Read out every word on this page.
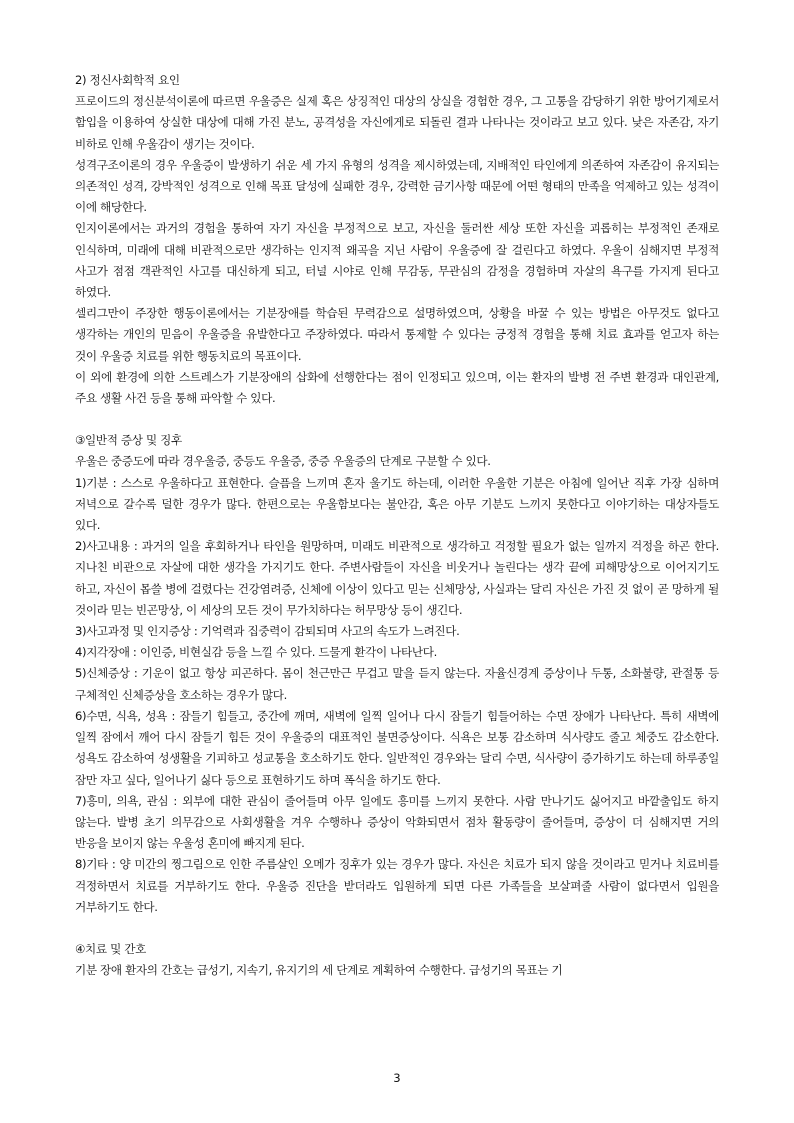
2) 정신사회학적 요인

프로이드의 정신분석이론에 따르면 우울증은 실제 혹은 상징적인 대상의 상실을 경험한 경우, 그 고통을 감당하기 위한 방어기제로서 함입을 이용하여 상실한 대상에 대해 가진 분노, 공격성을 자신에게로 되돌린 결과 나타나는 것이라고 보고 있다. 낮은 자존감, 자기 비하로 인해 우울감이 생기는 것이다.

성격구조이론의 경우 우울증이 발생하기 쉬운 세 가지 유형의 성격을 제시하였는데, 지배적인 타인에게 의존하여 자존감이 유지되는 의존적인 성격, 강박적인 성격으로 인해 목표 달성에 실패한 경우, 강력한 금기사항 때문에 어떤 형태의 만족을 억제하고 있는 성격이 이에 해당한다.

인지이론에서는 과거의 경험을 통하여 자기 자신을 부정적으로 보고, 자신을 둘러싼 세상 또한 자신을 괴롭히는 부정적인 존재로 인식하며, 미래에 대해 비관적으로만 생각하는 인지적 왜곡을 지닌 사람이 우울증에 잘 걸린다고 하였다. 우울이 심해지면 부정적 사고가 점점 객관적인 사고를 대신하게 되고, 터널 시야로 인해 무감동, 무관심의 감정을 경험하며 자살의 욕구를 가지게 된다고 하였다.

셀리그만이 주장한 행동이론에서는 기분장애를 학습된 무력감으로 설명하였으며, 상황을 바꿀 수 있는 방법은 아무것도 없다고 생각하는 개인의 믿음이 우울증을 유발한다고 주장하였다. 따라서 통제할 수 있다는 긍정적 경험을 통해 치료 효과를 얻고자 하는 것이 우울증 치료를 위한 행동치료의 목표이다.

이 외에 환경에 의한 스트레스가 기분장애의 삽화에 선행한다는 점이 인정되고 있으며, 이는 환자의 발병 전 주변 환경과 대인관계, 주요 생활 사건 등을 통해 파악할 수 있다.

③일반적 증상 및 징후

우울은 중증도에 따라 경우울증, 중등도 우울증, 중증 우울증의 단계로 구분할 수 있다.

1)기분 : 스스로 우울하다고 표현한다. 슬픔을 느끼며 혼자 울기도 하는데, 이러한 우울한 기분은 아침에 일어난 직후 가장 심하며 저녁으로 갈수록 덜한 경우가 많다. 한편으로는 우울함보다는 불안감, 혹은 아무 기분도 느끼지 못한다고 이야기하는 대상자들도 있다.

2)사고내용 : 과거의 일을 후회하거나 타인을 원망하며, 미래도 비관적으로 생각하고 걱정할 필요가 없는 일까지 걱정을 하곤 한다. 지나친 비관으로 자살에 대한 생각을 가지기도 한다. 주변사람들이 자신을 비웃거나 놀린다는 생각 끝에 피해망상으로 이어지기도 하고, 자신이 몹쓸 병에 걸렸다는 건강염려증, 신체에 이상이 있다고 믿는 신체망상, 사실과는 달리 자신은 가진 것 없이 곧 망하게 될 것이라 믿는 빈곤망상, 이 세상의 모든 것이 무가치하다는 허무망상 등이 생긴다.

3)사고과정 및 인지증상 : 기억력과 집중력이 감퇴되며 사고의 속도가 느려진다.

4)지각장애 : 이인증, 비현실감 등을 느낄 수 있다. 드물게 환각이 나타난다.

5)신체증상 : 기운이 없고 항상 피곤하다. 몸이 천근만근 무겁고 말을 듣지 않는다. 자율신경계 증상이나 두통, 소화불량, 관절통 등 구체적인 신체증상을 호소하는 경우가 많다.

6)수면, 식욕, 성욕 : 잠들기 힘들고, 중간에 깨며, 새벽에 일찍 일어나 다시 잠들기 힘들어하는 수면 장애가 나타난다. 특히 새벽에 일찍 잠에서 깨어 다시 잠들기 힘든 것이 우울증의 대표적인 불면증상이다. 식욕은 보통 감소하며 식사량도 줄고 체중도 감소한다. 성욕도 감소하여 성생활을 기피하고 성교통을 호소하기도 한다. 일반적인 경우와는 달리 수면, 식사량이 증가하기도 하는데 하루종일 잠만 자고 싶다, 일어나기 싫다 등으로 표현하기도 하며 폭식을 하기도 한다.

7)흥미, 의욕, 관심 : 외부에 대한 관심이 줄어들며 아무 일에도 흥미를 느끼지 못한다. 사람 만나기도 싫어지고 바깥출입도 하지 않는다. 발병 초기 의무감으로 사회생활을 겨우 수행하나 증상이 악화되면서 점차 활동량이 줄어들며, 증상이 더 심해지면 거의 반응을 보이지 않는 우울성 혼미에 빠지게 된다.

8)기타 : 양 미간의 찡그림으로 인한 주름살인 오메가 징후가 있는 경우가 많다. 자신은 치료가 되지 않을 것이라고 믿거나 치료비를 걱정하면서 치료를 거부하기도 한다. 우울증 진단을 받더라도 입원하게 되면 다른 가족들을 보살펴줄 사람이 없다면서 입원을 거부하기도 한다.

④치료 및 간호

기분 장애 환자의 간호는 급성기, 지속기, 유지기의 세 단계로 계획하여 수행한다. 급성기의 목표는 기

3
